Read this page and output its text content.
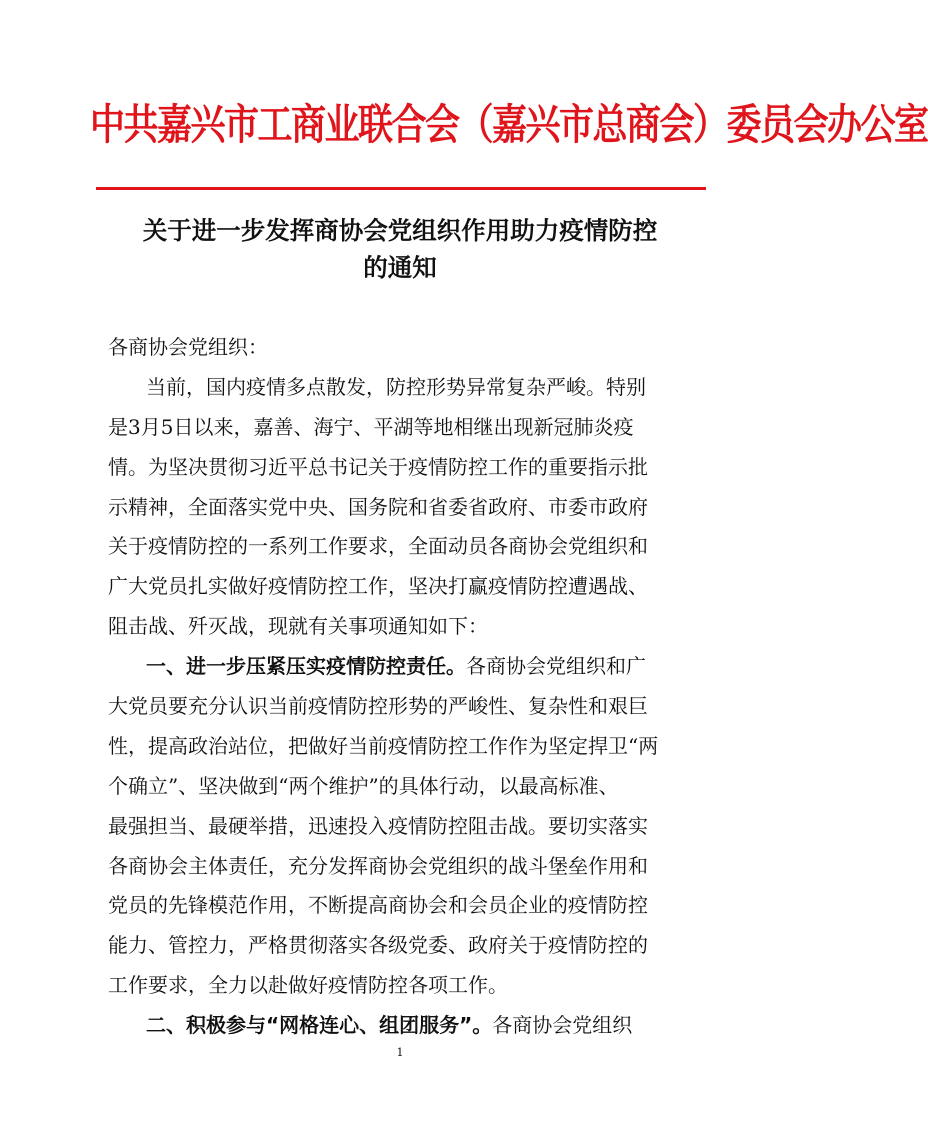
中共嘉兴市工商业联合会（嘉兴市总商会）委员会办公室
关于进一步发挥商协会党组织作用助力疫情防控
的通知
各商协会党组织：
当前，国内疫情多点散发，防控形势异常复杂严峻。特别
是3月5日以来，嘉善、海宁、平湖等地相继出现新冠肺炎疫
情。为坚决贯彻习近平总书记关于疫情防控工作的重要指示批
示精神，全面落实党中央、国务院和省委省政府、市委市政府
关于疫情防控的一系列工作要求，全面动员各商协会党组织和
广大党员扎实做好疫情防控工作，坚决打赢疫情防控遭遇战、
阻击战、歼灭战，现就有关事项通知如下：
一、进一步压紧压实疫情防控责任。各商协会党组织和广
大党员要充分认识当前疫情防控形势的严峻性、复杂性和艰巨
性，提高政治站位，把做好当前疫情防控工作作为坚定捍卫“两
个确立”、坚决做到“两个维护”的具体行动，以最高标准、
最强担当、最硬举措，迅速投入疫情防控阻击战。要切实落实
各商协会主体责任，充分发挥商协会党组织的战斗堡垒作用和
党员的先锋模范作用，不断提高商协会和会员企业的疫情防控
能力、管控力，严格贯彻落实各级党委、政府关于疫情防控的
工作要求，全力以赴做好疫情防控各项工作。
二、积极参与“网格连心、组团服务”。各商协会党组织
1
